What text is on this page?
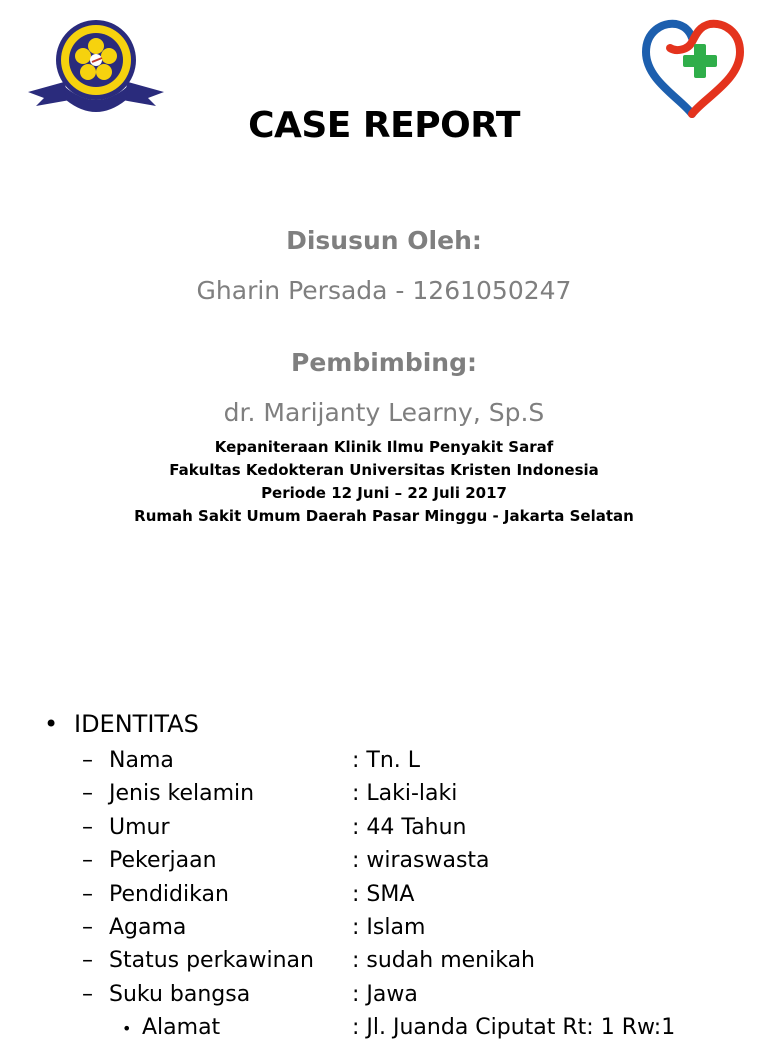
CASE REPORT
Disusun Oleh:
Gharin Persada - 1261050247
Pembimbing:
dr. Marijanty Learny, Sp.S
Kepaniteraan Klinik Ilmu Penyakit Saraf
Fakultas Kedokteran Universitas Kristen Indonesia
Periode 12 Juni – 22 Juli 2017
Rumah Sakit Umum Daerah Pasar Minggu - Jakarta Selatan
• IDENTITAS
– Nama	: Tn. L
– Jenis kelamin	: Laki-laki
– Umur	: 44 Tahun
– Pekerjaan	: wiraswasta
– Pendidikan	: SMA
– Agama	: Islam
– Status perkawinan : sudah menikah
– Suku bangsa	: Jawa
• Alamat	: Jl. Juanda Ciputat Rt: 1 Rw:1
